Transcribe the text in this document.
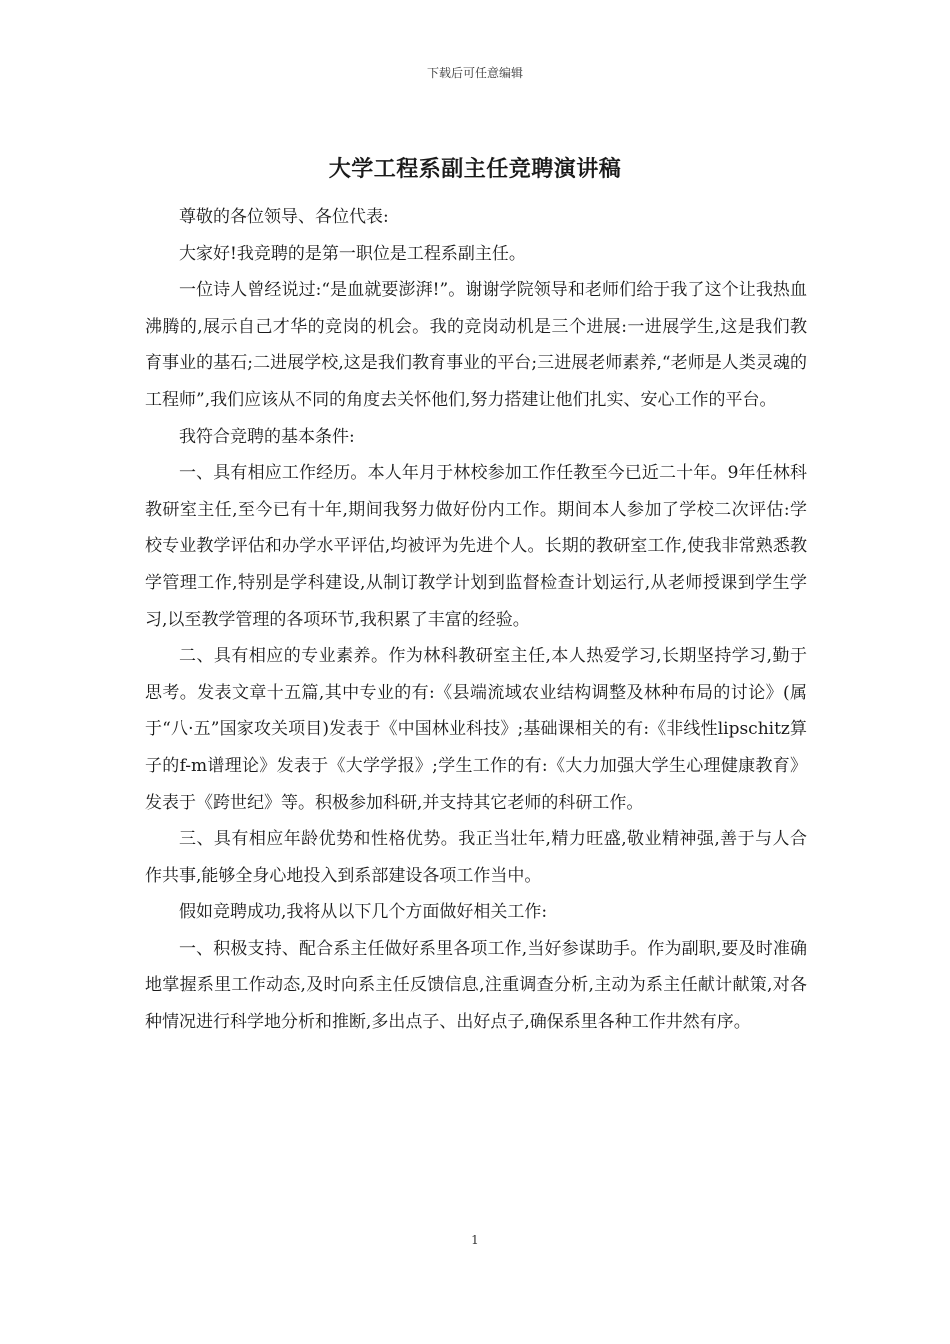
下载后可任意编辑
大学工程系副主任竞聘演讲稿

尊敬的各位领导、各位代表:

大家好!我竞聘的是第一职位是工程系副主任。

一位诗人曾经说过:“是血就要澎湃!”。谢谢学院领导和老师们给于我了这个让我热血沸腾的,展示自己才华的竞岗的机会。我的竞岗动机是三个进展:一进展学生,这是我们教育事业的基石;二进展学校,这是我们教育事业的平台;三进展老师素养,“老师是人类灵魂的工程师”,我们应该从不同的角度去关怀他们,努力搭建让他们扎实、安心工作的平台。

我符合竞聘的基本条件:

一、具有相应工作经历。本人年月于林校参加工作任教至今已近二十年。9年任林科教研室主任,至今已有十年,期间我努力做好份内工作。期间本人参加了学校二次评估:学校专业教学评估和办学水平评估,均被评为先进个人。长期的教研室工作,使我非常熟悉教学管理工作,特别是学科建设,从制订教学计划到监督检查计划运行,从老师授课到学生学习,以至教学管理的各项环节,我积累了丰富的经验。

二、具有相应的专业素养。作为林科教研室主任,本人热爱学习,长期坚持学习,勤于思考。发表文章十五篇,其中专业的有:《县端流域农业结构调整及林种布局的讨论》(属于“八·五”国家攻关项目)发表于《中国林业科技》;基础课相关的有:《非线性lipschitz算子的f-m谱理论》发表于《大学学报》;学生工作的有:《大力加强大学生心理健康教育》发表于《跨世纪》等。积极参加科研,并支持其它老师的科研工作。

三、具有相应年龄优势和性格优势。我正当壮年,精力旺盛,敬业精神强,善于与人合作共事,能够全身心地投入到系部建设各项工作当中。

假如竞聘成功,我将从以下几个方面做好相关工作:

一、积极支持、配合系主任做好系里各项工作,当好参谋助手。作为副职,要及时准确地掌握系里工作动态,及时向系主任反馈信息,注重调查分析,主动为系主任献计献策,对各种情况进行科学地分析和推断,多出点子、出好点子,确保系里各种工作井然有序。

1
